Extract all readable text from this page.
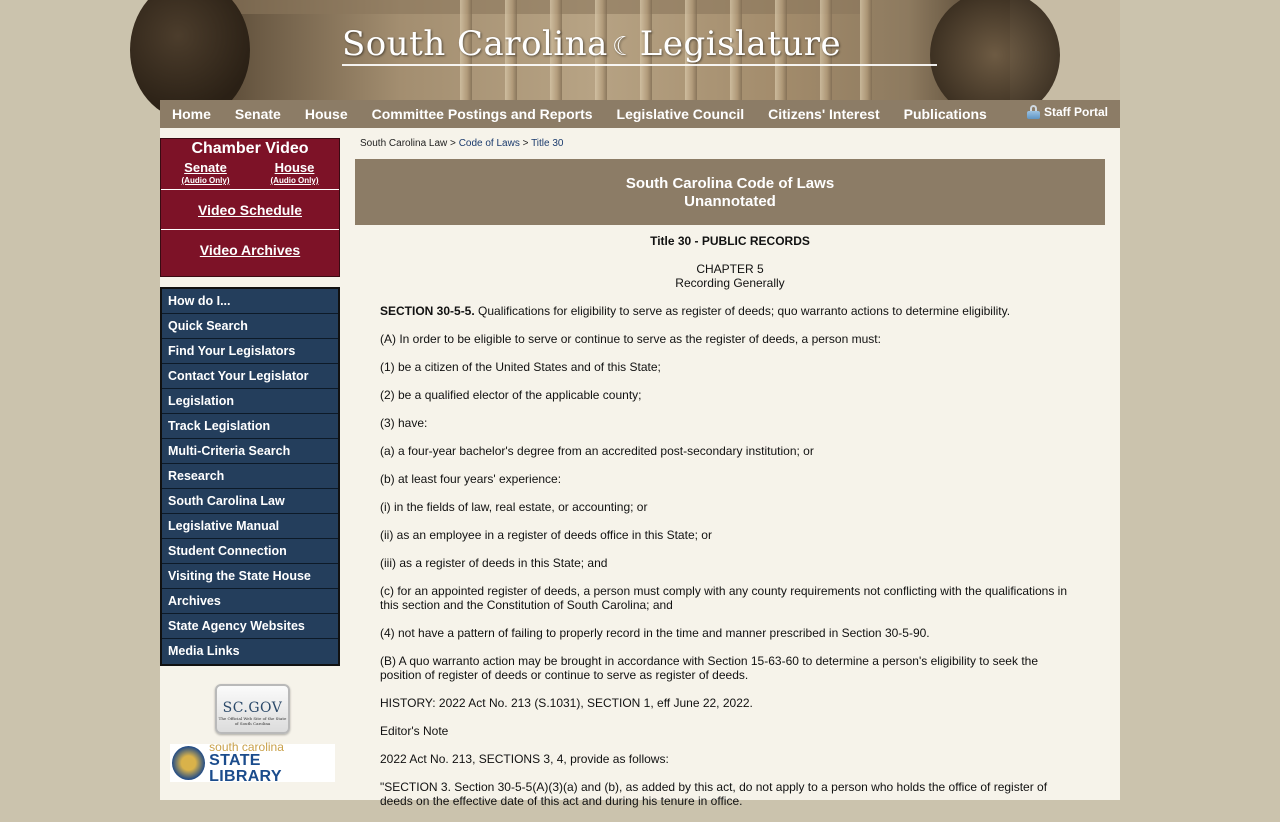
South Carolina ☾ Legislature
Home Senate House Committee Postings and Reports Legislative Council Citizens' Interest Publications	Staff Portal
Chamber Video
Senate
(Audio Only)
House
(Audio Only)
Video Schedule
Video Archives
How do I...
Quick Search
Find Your Legislators
Contact Your Legislator
Legislation
Track Legislation
Multi-Criteria Search
Research
South Carolina Law
Legislative Manual
Student Connection
Visiting the State House
Archives
State Agency Websites
Media Links
SC.GOV
The Official Web Site of the State of South Carolina
south carolina
STATE LIBRARY
South Carolina Law > Code of Laws > Title 30
South Carolina Code of Laws
Unannotated
Title 30 - PUBLIC RECORDS
CHAPTER 5
Recording Generally

SECTION 30-5-5. Qualifications for eligibility to serve as register of deeds; quo warranto actions to determine eligibility.

(A) In order to be eligible to serve or continue to serve as the register of deeds, a person must:

(1) be a citizen of the United States and of this State;

(2) be a qualified elector of the applicable county;

(3) have:

(a) a four-year bachelor's degree from an accredited post-secondary institution; or

(b) at least four years' experience:

(i) in the fields of law, real estate, or accounting; or

(ii) as an employee in a register of deeds office in this State; or

(iii) as a register of deeds in this State; and

(c) for an appointed register of deeds, a person must comply with any county requirements not conflicting with the qualifications in this section and the Constitution of South Carolina; and

(4) not have a pattern of failing to properly record in the time and manner prescribed in Section 30-5-90.

(B) A quo warranto action may be brought in accordance with Section 15-63-60 to determine a person's eligibility to seek the position of register of deeds or continue to serve as register of deeds.

HISTORY: 2022 Act No. 213 (S.1031), SECTION 1, eff June 22, 2022.

Editor's Note

2022 Act No. 213, SECTIONS 3, 4, provide as follows:

"SECTION 3. Section 30-5-5(A)(3)(a) and (b), as added by this act, do not apply to a person who holds the office of register of deeds on the effective date of this act and during his tenure in office.
